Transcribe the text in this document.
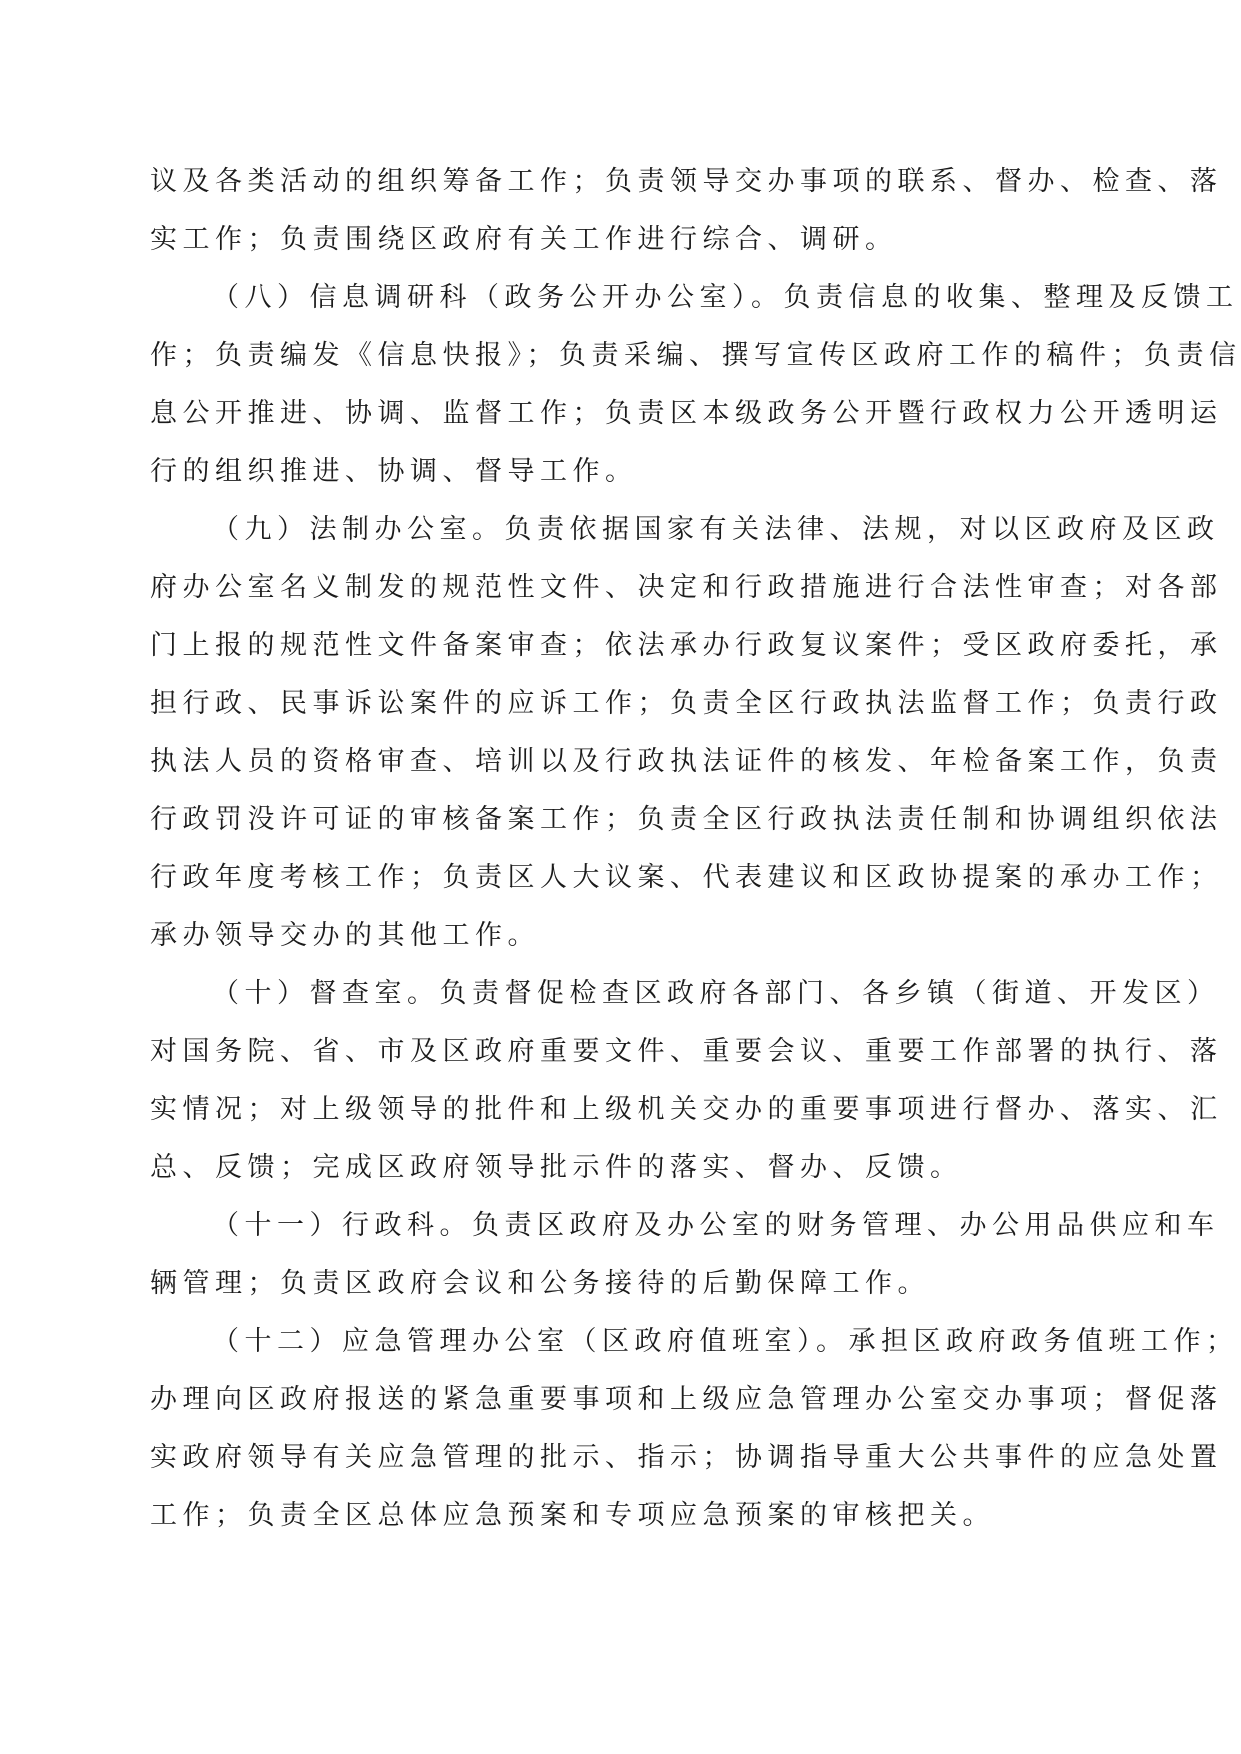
议及各类活动的组织筹备工作；负责领导交办事项的联系、督办、检查、落
实工作；负责围绕区政府有关工作进行综合、调研。

（八）信息调研科（政务公开办公室）。负责信息的收集、整理及反馈工
作；负责编发《信息快报》；负责采编、撰写宣传区政府工作的稿件；负责信
息公开推进、协调、监督工作；负责区本级政务公开暨行政权力公开透明运
行的组织推进、协调、督导工作。

（九）法制办公室。负责依据国家有关法律、法规，对以区政府及区政
府办公室名义制发的规范性文件、决定和行政措施进行合法性审查；对各部
门上报的规范性文件备案审查；依法承办行政复议案件；受区政府委托，承
担行政、民事诉讼案件的应诉工作；负责全区行政执法监督工作；负责行政
执法人员的资格审查、培训以及行政执法证件的核发、年检备案工作，负责
行政罚没许可证的审核备案工作；负责全区行政执法责任制和协调组织依法
行政年度考核工作；负责区人大议案、代表建议和区政协提案的承办工作；
承办领导交办的其他工作。

（十）督查室。负责督促检查区政府各部门、各乡镇（街道、开发区）
对国务院、省、市及区政府重要文件、重要会议、重要工作部署的执行、落
实情况；对上级领导的批件和上级机关交办的重要事项进行督办、落实、汇
总、反馈；完成区政府领导批示件的落实、督办、反馈。

（十一）行政科。负责区政府及办公室的财务管理、办公用品供应和车
辆管理；负责区政府会议和公务接待的后勤保障工作。

（十二）应急管理办公室（区政府值班室）。承担区政府政务值班工作；
办理向区政府报送的紧急重要事项和上级应急管理办公室交办事项；督促落
实政府领导有关应急管理的批示、指示；协调指导重大公共事件的应急处置
工作；负责全区总体应急预案和专项应急预案的审核把关。
